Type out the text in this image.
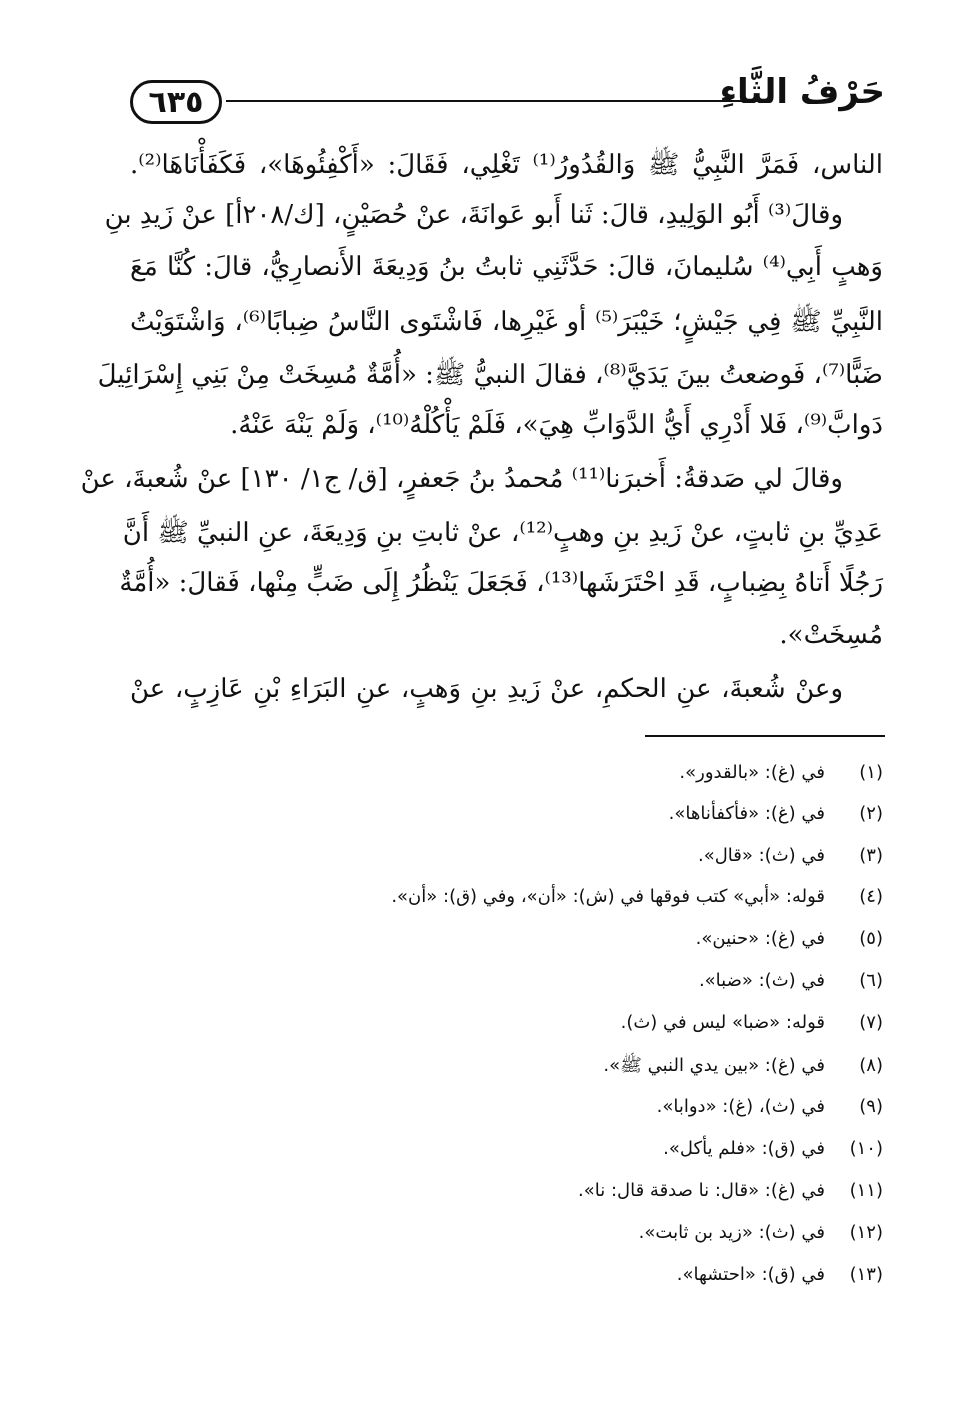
٦٣٥	حَرْفُ الثَّاءِ
الناس، فَمَرَّ النَّبِيُّ ﷺ وَالقُدُورُ⁽¹⁾ تَغْلِي، فَقَالَ: «أَكْفِئُوهَا»، فَكَفَأْنَاهَا⁽²⁾.
وقالَ⁽³⁾ أَبُو الوَلِيدِ، قالَ: ثَنا أَبو عَوانَةَ، عنْ حُصَيْنٍ، [ك/٢٠٨أ] عنْ زَيدِ بنِ
وَهبٍ أَبِي⁽⁴⁾ سُليمانَ، قالَ: حَدَّثَنِي ثابتُ بنُ وَدِيعَةَ الأَنصارِيُّ، قالَ: كُنَّا مَعَ
النَّبِيِّ ﷺ فِي جَيْشٍ؛ خَيْبَرَ⁽⁵⁾ أو غَيْرِها، فَاشْتَوى النَّاسُ ضِبابًا⁽⁶⁾، وَاشْتَوَيْتُ
ضَبًّا⁽⁷⁾، فَوضعتُ بينَ يَدَيَّ⁽⁸⁾، فقالَ النبيُّ ﷺ: «أُمَّةٌ مُسِخَتْ مِنْ بَنِي إِسْرَائِيلَ
دَوابَّ⁽⁹⁾، فَلا أَدْرِي أَيُّ الدَّوَابِّ هِيَ»، فَلَمْ يَأْكُلْهُ⁽¹⁰⁾، وَلَمْ يَنْهَ عَنْهُ.
وقالَ لي صَدقةُ: أَخبرَنا⁽¹¹⁾ مُحمدُ بنُ جَعفرٍ، [ق/ ج١/ ١٣٠] عنْ شُعبةَ، عنْ
عَدِيِّ بنِ ثابتٍ، عنْ زَيدِ بنِ وهبٍ⁽¹²⁾، عنْ ثابتِ بنِ وَدِيعَةَ، عنِ النبيِّ ﷺ أَنَّ
رَجُلًا أَتاهُ بِضِبابٍ، قَدِ احْتَرَشَها⁽¹³⁾، فَجَعَلَ يَنْظُرُ إِلَى ضَبٍّ مِنْها، فَقالَ: «أُمَّةٌ
مُسِخَتْ».
وعنْ شُعبةَ، عنِ الحكمِ، عنْ زَيدِ بنِ وَهبٍ، عنِ البَرَاءِ بْنِ عَازِبٍ، عنْ
(١)في (غ): «بالقدور».
(٢)في (غ): «فأكفأناها».
(٣)في (ث): «قال».
(٤)قوله: «أبي» كتب فوقها في (ش): «أن»، وفي (ق): «أن».
(٥)في (غ): «حنين».
(٦)في (ث): «ضبا».
(٧)قوله: «ضبا» ليس في (ث).
(٨)في (غ): «بين يدي النبي ﷺ».
(٩)في (ث)، (غ): «دوابا».
(١٠)في (ق): «فلم يأكل».
(١١)في (غ): «قال: نا صدقة قال: نا».
(١٢)في (ث): «زيد بن ثابت».
(١٣)في (ق): «احتشها».
